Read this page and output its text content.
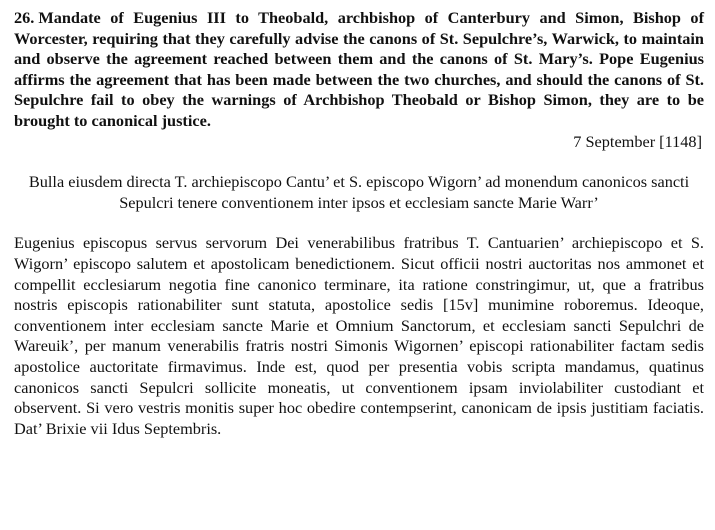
26. Mandate of Eugenius III to Theobald, archbishop of Canterbury and Simon, Bishop of Worcester, requiring that they carefully advise the canons of St. Sepulchre’s, Warwick, to maintain and observe the agreement reached between them and the canons of St. Mary’s. Pope Eugenius affirms the agreement that has been made between the two churches, and should the canons of St. Sepulchre fail to obey the warnings of Archbishop Theobald or Bishop Simon, they are to be brought to canonical justice.

7 September [1148]

Bulla eiusdem directa T. archiepiscopo Cantu’ et S. episcopo Wigorn’ ad monendum canonicos sancti Sepulcri tenere conventionem inter ipsos et ecclesiam sancte Marie Warr’

Eugenius episcopus servus servorum Dei venerabilibus fratribus T. Cantuarien’ archiepiscopo et S. Wigorn’ episcopo salutem et apostolicam benedictionem. Sicut officii nostri auctoritas nos ammonet et compellit ecclesiarum negotia fine canonico terminare, ita ratione constringimur, ut, que a fratribus nostris episcopis rationabiliter sunt statuta, apostolice sedis [15v] munimine roboremus. Ideoque, conventionem inter ecclesiam sancte Marie et Omnium Sanctorum, et ecclesiam sancti Sepulchri de Wareuik’, per manum venerabilis fratris nostri Simonis Wigornen’ episcopi rationabiliter factam sedis apostolice auctoritate firmavimus. Inde est, quod per presentia vobis scripta mandamus, quatinus canonicos sancti Sepulcri sollicite moneatis, ut conventionem ipsam inviolabiliter custodiant et observent. Si vero vestris monitis super hoc obedire contempserint, canonicam de ipsis justitiam faciatis. Dat’ Brixie vii Idus Septembris.
